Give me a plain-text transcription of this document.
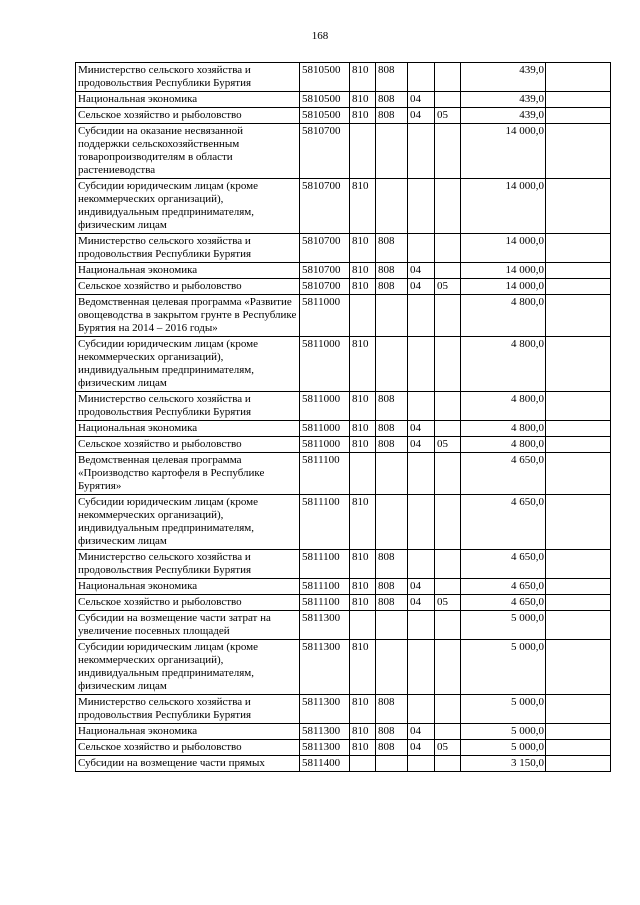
168
Министерство сельского хозяйства и продовольствия Республики Бурятия	5810500	810	808			439,0	
Национальная экономика	5810500	810	808	04		439,0	
Сельское хозяйство и рыболовство	5810500	810	808	04	05	439,0	
Субсидии на оказание несвязанной поддержки сельскохозяйственным товаропроизводителям в области растениеводства	5810700					14 000,0	
Субсидии юридическим лицам (кроме некоммерческих организаций), индивидуальным предпринимателям, физическим лицам	5810700	810				14 000,0	
Министерство сельского хозяйства и продовольствия Республики Бурятия	5810700	810	808			14 000,0	
Национальная экономика	5810700	810	808	04		14 000,0	
Сельское хозяйство и рыболовство	5810700	810	808	04	05	14 000,0	
Ведомственная целевая программа «Развитие овощеводства в закрытом грунте в Республике Бурятия на 2014 – 2016 годы»	5811000					4 800,0	
Субсидии юридическим лицам (кроме некоммерческих организаций), индивидуальным предпринимателям, физическим лицам	5811000	810				4 800,0	
Министерство сельского хозяйства и продовольствия Республики Бурятия	5811000	810	808			4 800,0	
Национальная экономика	5811000	810	808	04		4 800,0	
Сельское хозяйство и рыболовство	5811000	810	808	04	05	4 800,0	
Ведомственная целевая программа «Производство картофеля в Республике Бурятия»	5811100					4 650,0	
Субсидии юридическим лицам (кроме некоммерческих организаций), индивидуальным предпринимателям, физическим лицам	5811100	810				4 650,0	
Министерство сельского хозяйства и продовольствия Республики Бурятия	5811100	810	808			4 650,0	
Национальная экономика	5811100	810	808	04		4 650,0	
Сельское хозяйство и рыболовство	5811100	810	808	04	05	4 650,0	
Субсидии на возмещение части затрат на увеличение посевных площадей	5811300					5 000,0	
Субсидии юридическим лицам (кроме некоммерческих организаций), индивидуальным предпринимателям, физическим лицам	5811300	810				5 000,0	
Министерство сельского хозяйства и продовольствия Республики Бурятия	5811300	810	808			5 000,0	
Национальная экономика	5811300	810	808	04		5 000,0	
Сельское хозяйство и рыболовство	5811300	810	808	04	05	5 000,0	
Субсидии на возмещение части прямых	5811400					3 150,0	
